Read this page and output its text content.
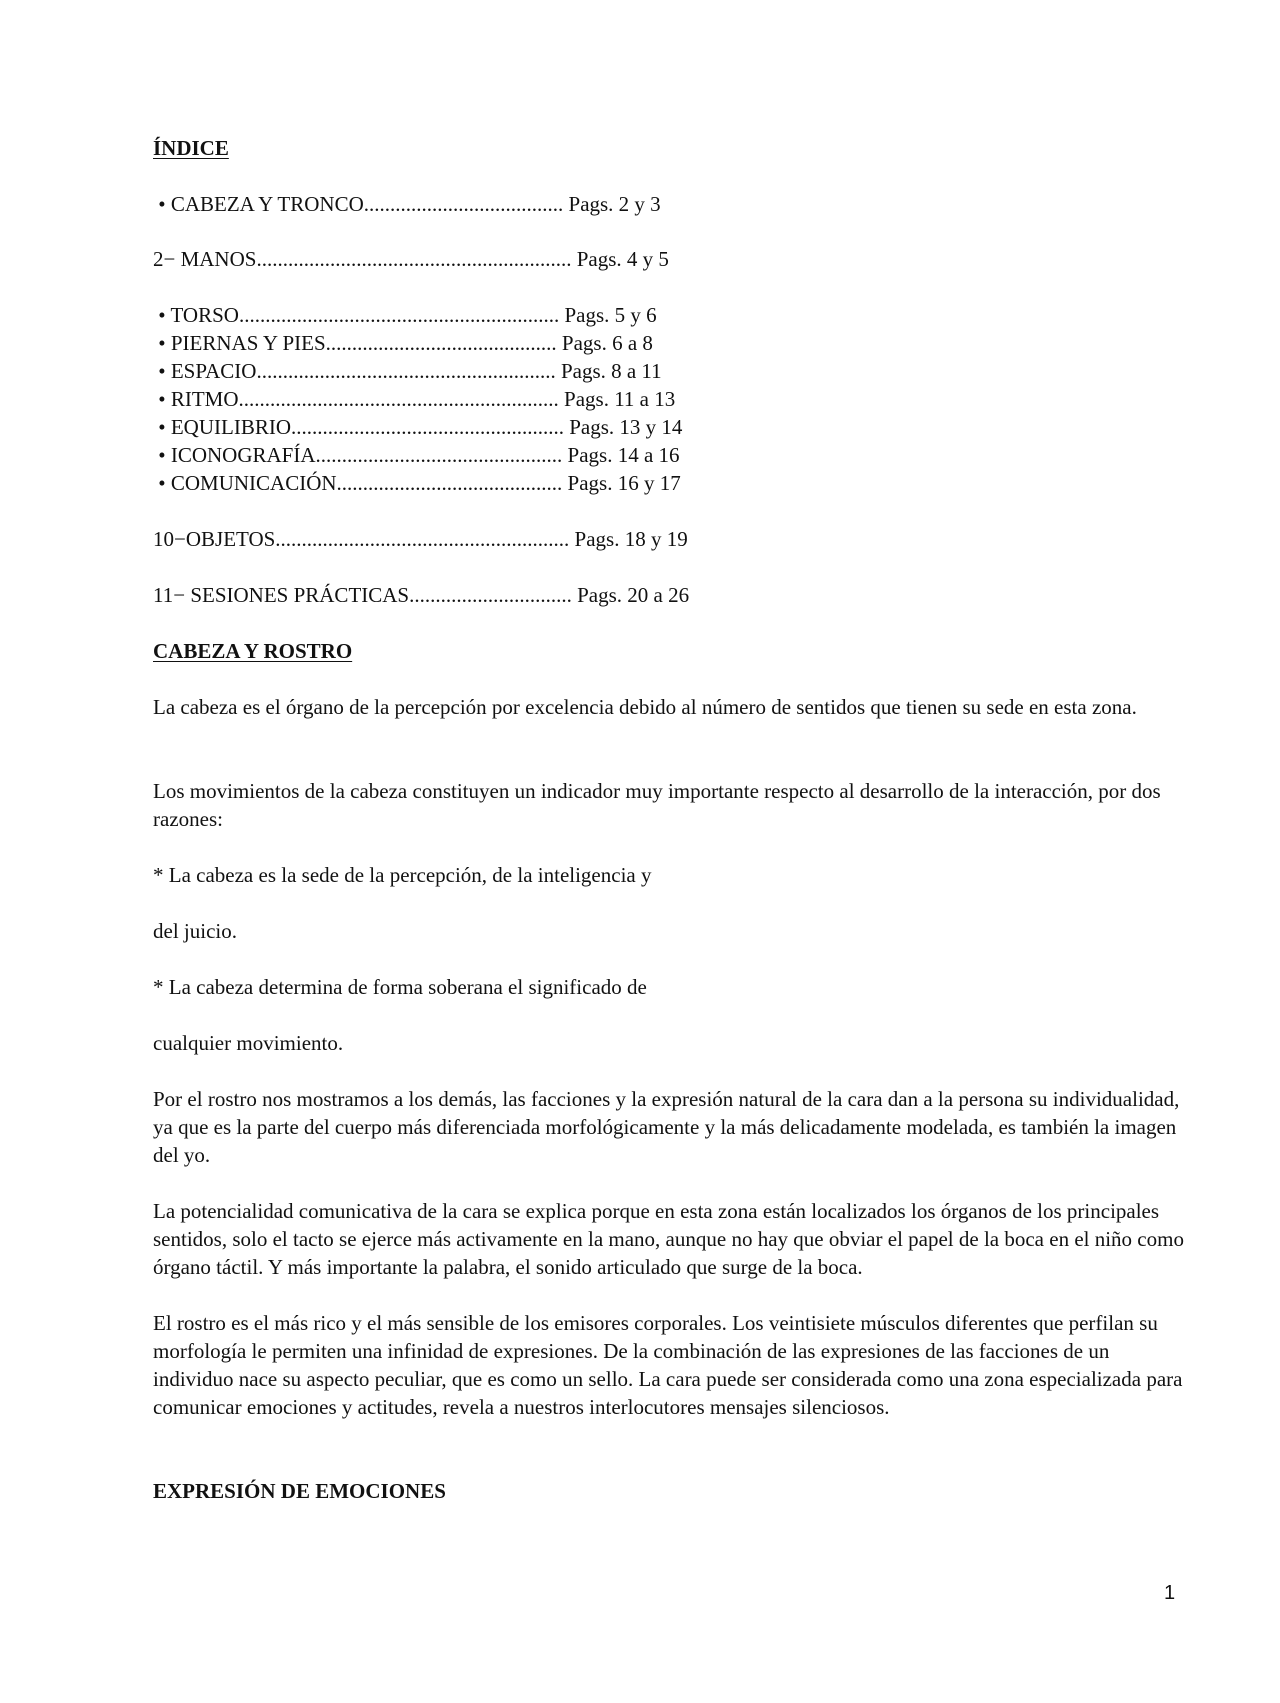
ÍNDICE

• CABEZA Y TRONCO...................................... Pags. 2 y 3

2− MANOS............................................................ Pags. 4 y 5

• TORSO............................................................. Pags. 5 y 6

• PIERNAS Y PIES............................................ Pags. 6 a 8

• ESPACIO......................................................... Pags. 8 a 11

• RITMO............................................................. Pags. 11 a 13

• EQUILIBRIO.................................................... Pags. 13 y 14

• ICONOGRAFÍA............................................... Pags. 14 a 16

• COMUNICACIÓN........................................... Pags. 16 y 17

10−OBJETOS........................................................ Pags. 18 y 19

11− SESIONES PRÁCTICAS............................... Pags. 20 a 26

CABEZA Y ROSTRO

La cabeza es el órgano de la percepción por excelencia debido al número de sentidos que tienen su sede en esta zona.

Los movimientos de la cabeza constituyen un indicador muy importante respecto al desarrollo de la interacción, por dos razones:

* La cabeza es la sede de la percepción, de la inteligencia y

del juicio.

* La cabeza determina de forma soberana el significado de

cualquier movimiento.

Por el rostro nos mostramos a los demás, las facciones y la expresión natural de la cara dan a la persona su individualidad, ya que es la parte del cuerpo más diferenciada morfológicamente y la más delicadamente modelada, es también la imagen del yo.

La potencialidad comunicativa de la cara se explica porque en esta zona están localizados los órganos de los principales sentidos, solo el tacto se ejerce más activamente en la mano, aunque no hay que obviar el papel de la boca en el niño como órgano táctil. Y más importante la palabra, el sonido articulado que surge de la boca.

El rostro es el más rico y el más sensible de los emisores corporales. Los veintisiete músculos diferentes que perfilan su morfología le permiten una infinidad de expresiones. De la combinación de las expresiones de las facciones de un individuo nace su aspecto peculiar, que es como un sello. La cara puede ser considerada como una zona especializada para comunicar emociones y actitudes, revela a nuestros interlocutores mensajes silenciosos.

EXPRESIÓN DE EMOCIONES

1
